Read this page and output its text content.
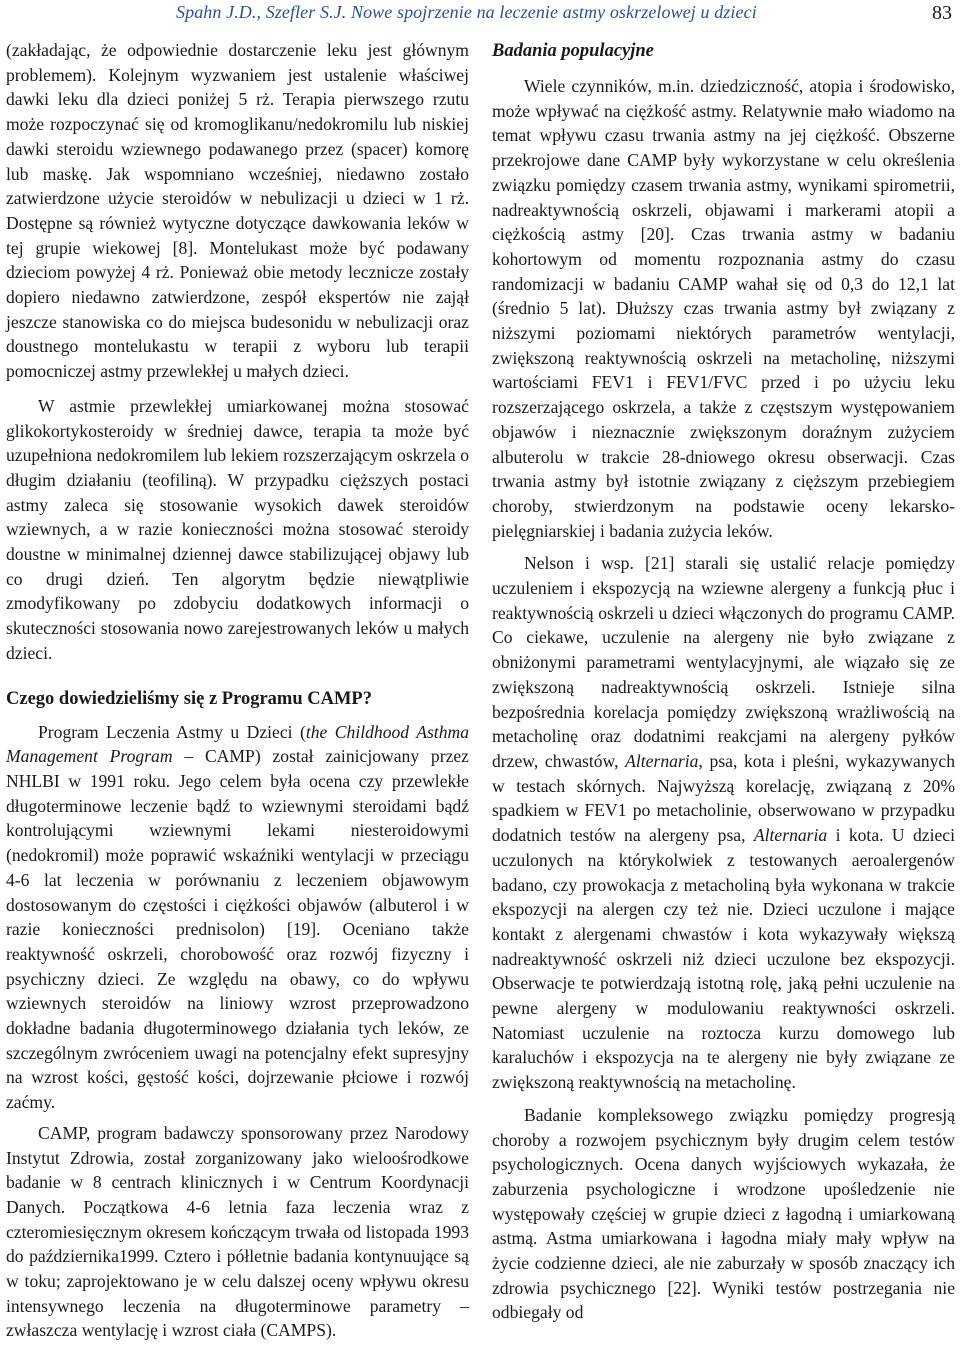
Spahn J.D., Szefler S.J. Nowe spojrzenie na leczenie astmy oskrzelowej u dzieci	83

(zakładając, że odpowiednie dostarczenie leku jest głównym problemem). Kolejnym wyzwaniem jest ustalenie właściwej dawki leku dla dzieci poniżej 5 rż. Terapia pierwszego rzutu może rozpoczynać się od kromoglikanu/nedokromilu lub niskiej dawki steroidu wziewnego podawanego przez (spacer) komorę lub maskę. Jak wspomniano wcześniej, niedawno zostało zatwierdzone użycie steroidów w nebulizacji u dzieci w 1 rż. Dostępne są również wytyczne dotyczące dawkowania leków w tej grupie wiekowej [8]. Montelukast może być podawany dzieciom powyżej 4 rż. Ponieważ obie metody lecznicze zostały dopiero niedawno zatwierdzone, zespół ekspertów nie zajął jeszcze stanowiska co do miejsca budesonidu w nebulizacji oraz doustnego montelukastu w terapii z wyboru lub terapii pomocniczej astmy przewlekłej u małych dzieci.

W astmie przewlekłej umiarkowanej można stosować glikokortykosteroidy w średniej dawce, terapia ta może być uzupełniona nedokromilem lub lekiem rozszerzającym oskrzela o długim działaniu (teofiliną). W przypadku cięższych postaci astmy zaleca się stosowanie wysokich dawek steroidów wziewnych, a w razie konieczności można stosować steroidy doustne w minimalnej dziennej dawce stabilizującej objawy lub co drugi dzień. Ten algorytm będzie niewątpliwie zmodyfikowany po zdobyciu dodatkowych informacji o skuteczności stosowania nowo zarejestrowanych leków u małych dzieci.

Czego dowiedzieliśmy się z Programu CAMP?

Program Leczenia Astmy u Dzieci (the Childhood Asthma Management Program – CAMP) został zainicjowany przez NHLBI w 1991 roku. Jego celem była ocena czy przewlekłe długoterminowe leczenie bądź to wziewnymi steroidami bądź kontrolującymi wziewnymi lekami niesteroidowymi (nedokromil) może poprawić wskaźniki wentylacji w przeciągu 4-6 lat leczenia w porównaniu z leczeniem objawowym dostosowanym do częstości i ciężkości objawów (albuterol i w razie konieczności prednisolon) [19]. Oceniano także reaktywność oskrzeli, chorobowość oraz rozwój fizyczny i psychiczny dzieci. Ze względu na obawy, co do wpływu wziewnych steroidów na liniowy wzrost przeprowadzono dokładne badania długoterminowego działania tych leków, ze szczególnym zwróceniem uwagi na potencjalny efekt supresyjny na wzrost kości, gęstość kości, dojrzewanie płciowe i rozwój zaćmy.

CAMP, program badawczy sponsorowany przez Narodowy Instytut Zdrowia, został zorganizowany jako wieloośrodkowe badanie w 8 centrach klinicznych i w Centrum Koordynacji Danych. Początkowa 4-6 letnia faza leczenia wraz z czteromiesięcznym okresem kończącym trwała od listopada 1993 do października1999. Cztero i półletnie badania kontynuujące są w toku; zaprojektowano je w celu dalszej oceny wpływu okresu intensywnego leczenia na długoterminowe parametry – zwłaszcza wentylację i wzrost ciała (CAMPS).

Badania populacyjne

Wiele czynników, m.in. dziedziczność, atopia i środowisko, może wpływać na ciężkość astmy. Relatywnie mało wiadomo na temat wpływu czasu trwania astmy na jej ciężkość. Obszerne przekrojowe dane CAMP były wykorzystane w celu określenia związku pomiędzy czasem trwania astmy, wynikami spirometrii, nadreaktywnością oskrzeli, objawami i markerami atopii a ciężkością astmy [20]. Czas trwania astmy w badaniu kohortowym od momentu rozpoznania astmy do czasu randomizacji w badaniu CAMP wahał się od 0,3 do 12,1 lat (średnio 5 lat). Dłuższy czas trwania astmy był związany z niższymi poziomami niektórych parametrów wentylacji, zwiększoną reaktywnością oskrzeli na metacholinę, niższymi wartościami FEV1 i FEV1/FVC przed i po użyciu leku rozszerzającego oskrzela, a także z częstszym występowaniem objawów i nieznacznie zwiększonym doraźnym zużyciem albuterolu w trakcie 28-dniowego okresu obserwacji. Czas trwania astmy był istotnie związany z cięższym przebiegiem choroby, stwierdzonym na podstawie oceny lekarsko-pielęgniarskiej i badania zużycia leków.

Nelson i wsp. [21] starali się ustalić relacje pomiędzy uczuleniem i ekspozycją na wziewne alergeny a funkcją płuc i reaktywnością oskrzeli u dzieci włączonych do programu CAMP. Co ciekawe, uczulenie na alergeny nie było związane z obniżonymi parametrami wentylacyjnymi, ale wiązało się ze zwiększoną nadreaktywnością oskrzeli. Istnieje silna bezpośrednia korelacja pomiędzy zwiększoną wrażliwością na metacholinę oraz dodatnimi reakcjami na alergeny pyłków drzew, chwastów, Alternaria, psa, kota i pleśni, wykazywanych w testach skórnych. Najwyższą korelację, związaną z 20% spadkiem w FEV1 po metacholinie, obserwowano w przypadku dodatnich testów na alergeny psa, Alternaria i kota. U dzieci uczulonych na którykolwiek z testowanych aeroalergenów badano, czy prowokacja z metacholiną była wykonana w trakcie ekspozycji na alergen czy też nie. Dzieci uczulone i mające kontakt z alergenami chwastów i kota wykazywały większą nadreaktywność oskrzeli niż dzieci uczulone bez ekspozycji. Obserwacje te potwierdzają istotną rolę, jaką pełni uczulenie na pewne alergeny w modulowaniu reaktywności oskrzeli. Natomiast uczulenie na roztocza kurzu domowego lub karaluchów i ekspozycja na te alergeny nie były związane ze zwiększoną reaktywnością na metacholinę.

Badanie kompleksowego związku pomiędzy progresją choroby a rozwojem psychicznym były drugim celem testów psychologicznych. Ocena danych wyjściowych wykazała, że zaburzenia psychologiczne i wrodzone upośledzenie nie występowały częściej w grupie dzieci z łagodną i umiarkowaną astmą. Astma umiarkowana i łagodna miały mały wpływ na życie codzienne dzieci, ale nie zaburzały w sposób znaczący ich zdrowia psychicznego [22]. Wyniki testów postrzegania nie odbiegały od
